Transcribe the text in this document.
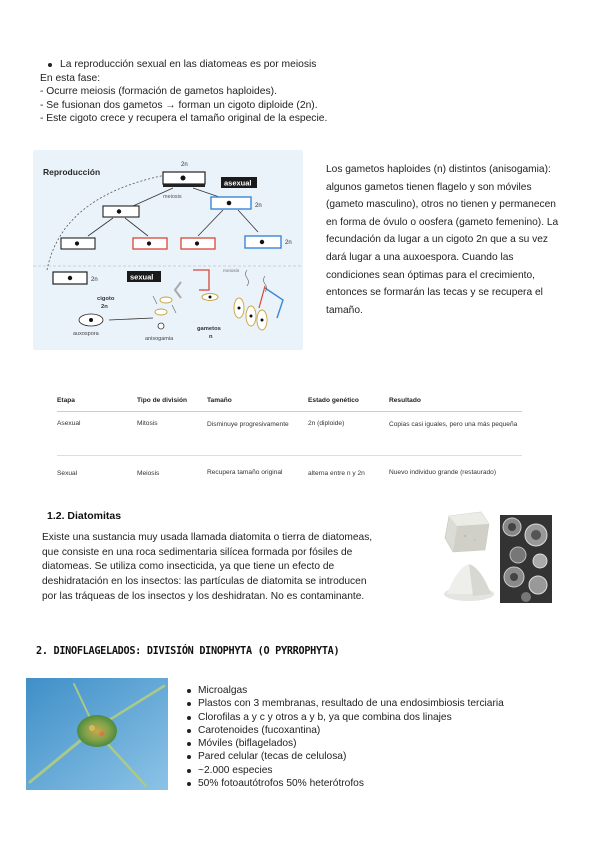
La reproducción sexual en las diatomeas es por meiosis
En esta fase:
- Ocurre meiosis (formación de gametos haploides).
- Se fusionan dos gametos → forman un cigoto diploide (2n).
- Este cigoto crece y recupera el tamaño original de la especie.
Reproducción
2n
meiosis
asexual
2n
2n
2n	sexual
cigoto
2n
auxospora
anisogamia
gametos
n
meiosis
Los gametos haploides (n) distintos (anisogamia): algunos gametos tienen flagelo y son móviles (gameto masculino), otros no tienen y permanecen en forma de óvulo o oosfera (gameto femenino). La fecundación da lugar a un cigoto 2n que a su vez dará lugar a una auxoespora. Cuando las condiciones sean óptimas para el crecimiento, entonces se formarán las tecas y se recupera el tamaño.
Etapa	Tipo de división	Tamaño	Estado genético	Resultado
Asexual	Mitosis	Disminuye progresivamente	2n (diploide)	Copias casi iguales, pero una más pequeña
Sexual	Meiosis	Recupera tamaño original	alterna entre n y 2n	Nuevo individuo grande (restaurado)
1.2. Diatomitas
Existe una sustancia muy usada llamada diatomita o tierra de diatomeas,
que consiste en una roca sedimentaria silícea formada por fósiles de
diatomeas. Se utiliza como insecticida, ya que tiene un efecto de
deshidratación en los insectos: las partículas de diatomita se introducen
por las tráqueas de los insectos y los deshidratan. No es contaminante.
2. DINOFLAGELADOS: DIVISIÓN DINOPHYTA (O PYRROPHYTA)
Microalgas
Plastos con 3 membranas, resultado de una endosimbiosis terciaria
Clorofilas a y c y otros a y b, ya que combina dos linajes
Carotenoides (fucoxantina)
Móviles (biflagelados)
Pared celular (tecas de celulosa)
~2.000 especies
50% fotoautótrofos 50% heterótrofos
